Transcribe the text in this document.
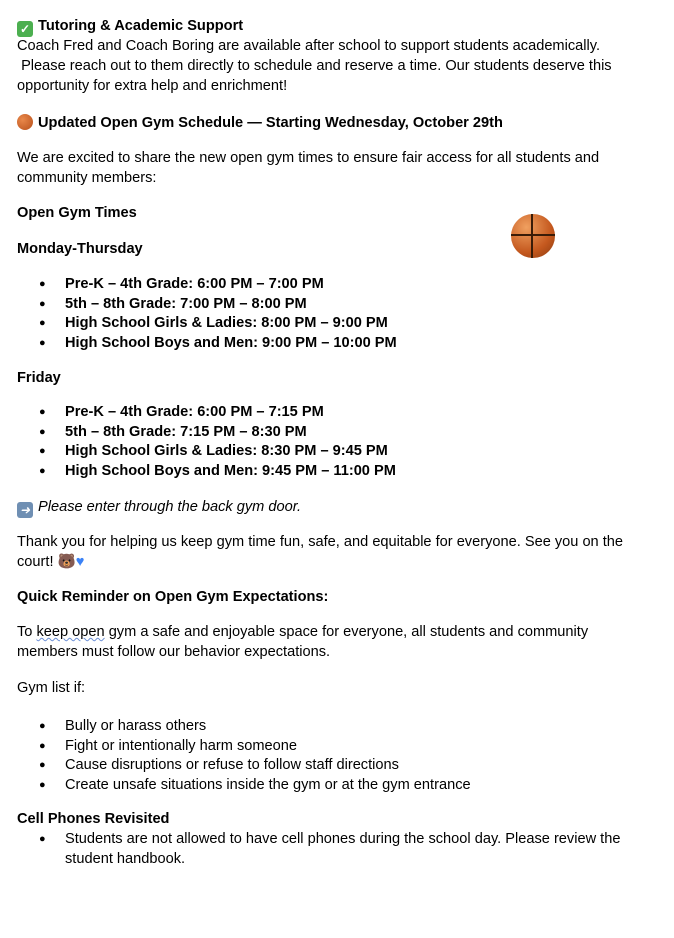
✓ Tutoring & Academic Support
Coach Fred and Coach Boring are available after school to support students academically.
Please reach out to them directly to schedule and reserve a time. Our students deserve this opportunity for extra help and enrichment!
Updated Open Gym Schedule — Starting Wednesday, October 29th
We are excited to share the new open gym times to ensure fair access for all students and community members:
Open Gym Times
Monday-Thursday
● Pre-K – 4th Grade: 6:00 PM – 7:00 PM
● 5th – 8th Grade: 7:00 PM – 8:00 PM
● High School Girls & Ladies: 8:00 PM – 9:00 PM
● High School Boys and Men: 9:00 PM – 10:00 PM
Friday
● Pre-K – 4th Grade: 6:00 PM – 7:15 PM
● 5th – 8th Grade: 7:15 PM – 8:30 PM
● High School Girls & Ladies: 8:30 PM – 9:45 PM
● High School Boys and Men: 9:45 PM – 11:00 PM
➜ Please enter through the back gym door.
Thank you for helping us keep gym time fun, safe, and equitable for everyone. See you on the court! 🐻♥
Quick Reminder on Open Gym Expectations:
To keep open gym a safe and enjoyable space for everyone, all students and community members must follow our behavior expectations.
Gym list if:
● Bully or harass others
● Fight or intentionally harm someone
● Cause disruptions or refuse to follow staff directions
● Create unsafe situations inside the gym or at the gym entrance
Cell Phones Revisited
● Students are not allowed to have cell phones during the school day. Please review the student handbook.
